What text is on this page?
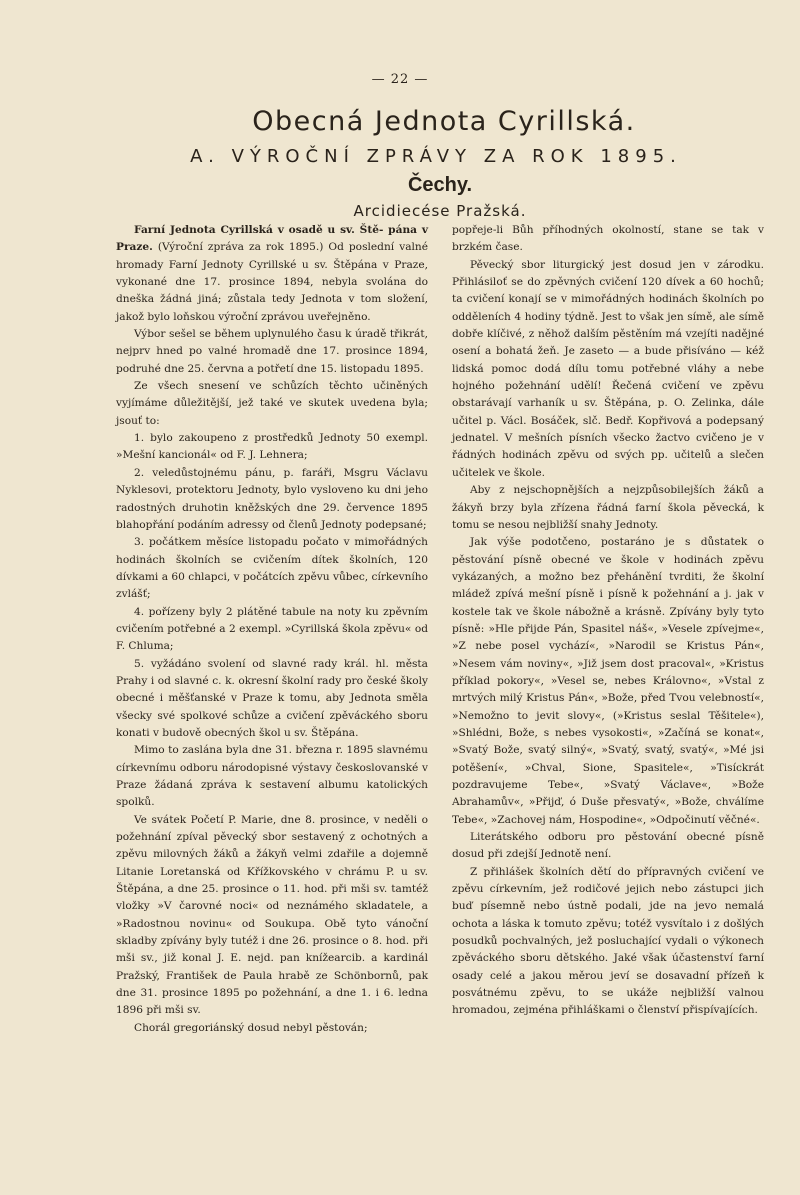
— 22 —
Obecná Jednota Cyrillská.
A. VÝROČNÍ ZPRÁVY ZA ROK 1895.
Čechy.
Arcidiecése Pražská.

Farní Jednota Cyrillská v osadě u sv. Ště- pána v Praze. (Výroční zpráva za rok 1895.) Od poslední valné hromady Farní Jednoty Cyrillské u sv. Štěpána v Praze, vykonané dne 17. prosince 1894, nebyla svolána do dneška žádná jiná; zůstala tedy Jednota v tom složení, jakož bylo loňskou výroční zprávou uveřejněno.

Výbor sešel se během uplynulého času k úradě třikrát, nejprv hned po valné hromadě dne 17. prosince 1894, podruhé dne 25. června a potřetí dne 15. listopadu 1895.

Ze všech snesení ve schůzích těchto učiněných vyjímáme důležitější, jež také ve skutek uvedena byla; jsouť to:

1. bylo zakoupeno z prostředků Jednoty 50 exempl. »Mešní kancionál« od F. J. Lehnera;

2. veledůstojnému pánu, p. faráři, Msgru Václavu Nyklesovi, protektoru Jednoty, bylo vysloveno ku dni jeho radostných druhotin kněžských dne 29. července 1895 blahopřání podáním adressy od členů Jednoty podepsané;

3. počátkem měsíce listopadu počato v mimořádných hodinách školních se cvičením dítek školních, 120 dívkami a 60 chlapci, v počátcích zpěvu vůbec, církevního zvlášť;

4. pořízeny byly 2 plátěné tabule na noty ku zpěvním cvičením potřebné a 2 exempl. »Cyrillská škola zpěvu« od F. Chluma;

5. vyžádáno svolení od slavné rady král. hl. města Prahy i od slavné c. k. okresní školní rady pro české školy obecné i měšťanské v Praze k tomu, aby Jednota směla všecky své spolkové schůze a cvičení zpěváckého sboru konati v budově obecných škol u sv. Štěpána.

Mimo to zaslána byla dne 31. března r. 1895 slavnému církevnímu odboru národopisné výstavy českoslovanské v Praze žádaná zpráva k sestavení albumu katolických spolků.

Ve svátek Početí P. Marie, dne 8. prosince, v neděli o požehnání zpíval pěvecký sbor sestavený z ochotných a zpěvu milovných žáků a žákyň velmi zdařile a dojemně Litanie Loretanská od Křížkovského v chrámu P. u sv. Štěpána, a dne 25. prosince o 11. hod. při mši sv. tamtéž vložky »V čarovné noci« od neznámého skladatele, a »Radostnou novinu« od Soukupa. Obě tyto vánoční skladby zpívány byly tutéž i dne 26. prosince o 8. hod. při mši sv., již konal J. E. nejd. pan knížearcib. a kardinál Pražský, František de Paula hrabě ze Schönbornů, pak dne 31. prosince 1895 po požehnání, a dne 1. i 6. ledna 1896 při mši sv.

Chorál gregoriánský dosud nebyl pěstován;

popřeje-li Bůh příhodných okolností, stane se tak v brzkém čase.

Pěvecký sbor liturgický jest dosud jen v zárodku. Přihlásiloť se do zpěvných cvičení 120 dívek a 60 hochů; ta cvičení konají se v mimořádných hodinách školních po odděleních 4 hodiny týdně. Jest to však jen símě, ale símě dobře klíčivé, z něhož dalším pěstěním má vzejíti nadějné osení a bohatá žeň. Je zaseto — a bude přisíváno — kéž lidská pomoc dodá dílu tomu potřebné vláhy a nebe hojného požehnání udělí! Řečená cvičení ve zpěvu obstarávají varhaník u sv. Štěpána, p. O. Zelinka, dále učitel p. Václ. Bosáček, slč. Bedř. Kopřivová a podepsaný jednatel. V mešních písních všecko žactvo cvičeno je v řádných hodinách zpěvu od svých pp. učitelů a slečen učitelek ve škole.

Aby z nejschopnějších a nejzpůsobilejších žáků a žákyň brzy byla zřízena řádná farní škola pěvecká, k tomu se nesou nejbližší snahy Jednoty.

Jak výše podotčeno, postaráno je s důstatek o pěstování písně obecné ve škole v hodinách zpěvu vykázaných, a možno bez přehánění tvrditi, že školní mládež zpívá mešní písně i písně k požehnání a j. jak v kostele tak ve škole nábožně a krásně. Zpívány byly tyto písně: »Hle přijde Pán, Spasitel náš«, »Vesele zpívejme«, »Z nebe posel vychází«, »Narodil se Kristus Pán«, »Nesem vám noviny«, »Již jsem dost pracoval«, »Kristus příklad pokory«, »Vesel se, nebes Královno«, »Vstal z mrtvých milý Kristus Pán«, »Bože, před Tvou velebností«, »Nemožno to jevit slovy«, (»Kristus seslal Těšitele«), »Shlédni, Bože, s nebes vysokosti«, »Začíná se konat«, »Svatý Bože, svatý silný«, »Svatý, svatý, svatý«, »Mé jsi potěšení«, »Chval, Sione, Spasitele«, »Tisíckrát pozdravujeme Tebe«, »Svatý Václave«, »Bože Abrahamův«, »Přijď, ó Duše přesvatý«, »Bože, chválíme Tebe«, »Zachovej nám, Hospodine«, »Odpočinutí věčné«.

Literátského odboru pro pěstování obecné písně dosud při zdejší Jednotě není.

Z přihlášek školních dětí do přípravných cvičení ve zpěvu církevním, jež rodičové jejich nebo zástupci jich buď písemně nebo ústně podali, jde na jevo nemalá ochota a láska k tomuto zpěvu; totéž vysvítalo i z došlých posudků pochvalných, jež posluchající vydali o výkonech zpěváckého sboru dětského. Jaké však účastenství farní osady celé a jakou měrou jeví se dosavadní přízeň k posvátnému zpěvu, to se ukáže nejbližší valnou hromadou, zejména přihláškami o členství přispívajících.
